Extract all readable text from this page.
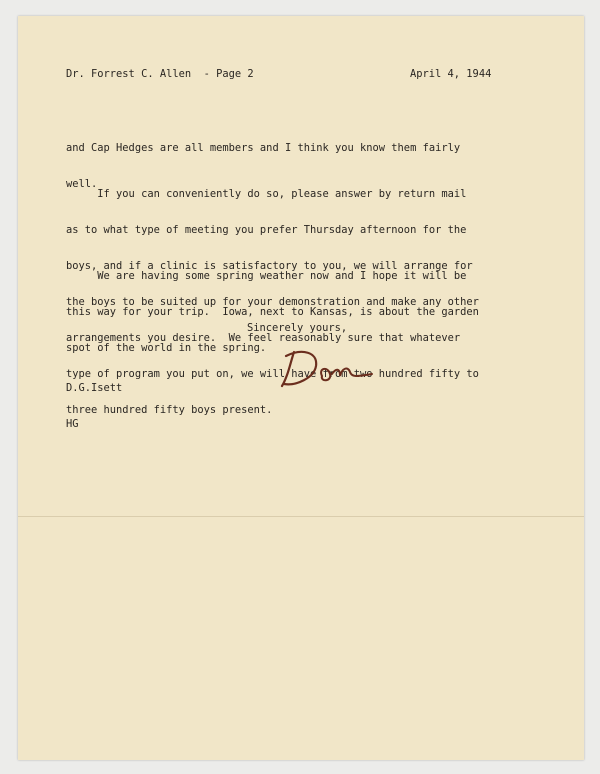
Dr. Forrest C. Allen  - Page 2	April 4, 1944

and Cap Hedges are all members and I think you know them fairly

well.

If you can conveniently do so, please answer by return mail

as to what type of meeting you prefer Thursday afternoon for the

boys, and if a clinic is satisfactory to you, we will arrange for

the boys to be suited up for your demonstration and make any other

arrangements you desire.  We feel reasonably sure that whatever

type of program you put on, we will have from two hundred fifty to

three hundred fifty boys present.

We are having some spring weather now and I hope it will be

this way for your trip.  Iowa, next to Kansas, is about the garden

spot of the world in the spring.

Sincerely yours,

D.G.Isett

HG
